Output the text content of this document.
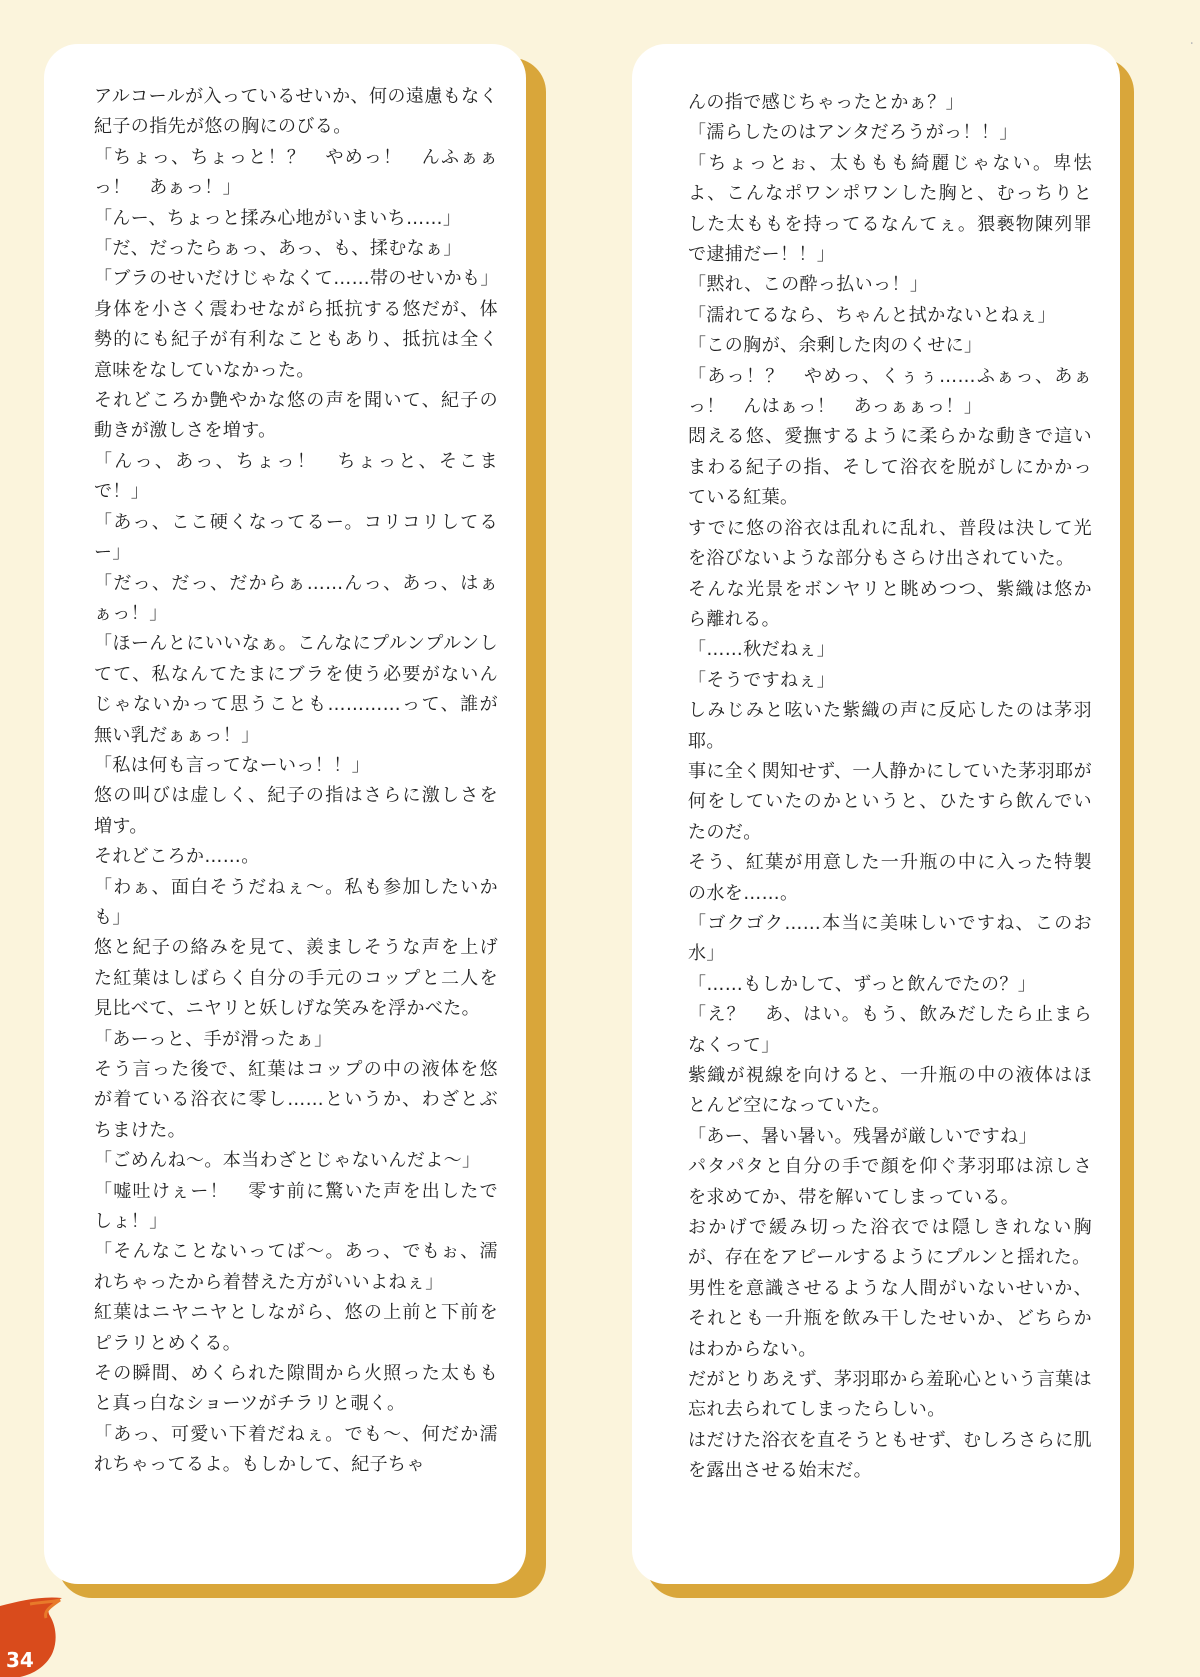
·

アルコールが入っているせいか、何の遠慮もなく紀子の指先が悠の胸にのびる。

「ちょっ、ちょっと！？　やめっ！　んふぁぁっ！　あぁっ！」

「んー、ちょっと揉み心地がいまいち……」

「だ、だったらぁっ、あっ、も、揉むなぁ」

「ブラのせいだけじゃなくて……帯のせいかも」

身体を小さく震わせながら抵抗する悠だが、体勢的にも紀子が有利なこともあり、抵抗は全く意味をなしていなかった。

それどころか艶やかな悠の声を聞いて、紀子の動きが激しさを増す。

「んっ、あっ、ちょっ！　ちょっと、そこまで！」

「あっ、ここ硬くなってるー。コリコリしてるー」

「だっ、だっ、だからぁ……んっ、あっ、はぁぁっ！」

「ほーんとにいいなぁ。こんなにプルンプルンしてて、私なんてたまにブラを使う必要がないんじゃないかって思うことも…………って、誰が無い乳だぁぁっ！」

「私は何も言ってなーいっ！！」

悠の叫びは虚しく、紀子の指はさらに激しさを増す。

それどころか……。

「わぁ、面白そうだねぇ〜。私も参加したいかも」

悠と紀子の絡みを見て、羨ましそうな声を上げた紅葉はしばらく自分の手元のコップと二人を見比べて、ニヤリと妖しげな笑みを浮かべた。

「あーっと、手が滑ったぁ」

そう言った後で、紅葉はコップの中の液体を悠が着ている浴衣に零し……というか、わざとぶちまけた。

「ごめんね〜。本当わざとじゃないんだよ〜」

「嘘吐けぇー！　零す前に驚いた声を出したでしょ！」

「そんなことないってば〜。あっ、でもぉ、濡れちゃったから着替えた方がいいよねぇ」

紅葉はニヤニヤとしながら、悠の上前と下前をピラリとめくる。

その瞬間、めくられた隙間から火照った太ももと真っ白なショーツがチラリと覗く。

「あっ、可愛い下着だねぇ。でも〜、何だか濡れちゃってるよ。もしかして、紀子ちゃ

んの指で感じちゃったとかぁ？」

「濡らしたのはアンタだろうがっ！！」

「ちょっとぉ、太ももも綺麗じゃない。卑怯よ、こんなポワンポワンした胸と、むっちりとした太ももを持ってるなんてぇ。猥褻物陳列罪で逮捕だー！！」

「黙れ、この酔っ払いっ！」

「濡れてるなら、ちゃんと拭かないとねぇ」

「この胸が、余剰した肉のくせに」

「あっ！？　やめっ、くぅぅ……ふぁっ、あぁっ！　んはぁっ！　あっぁぁっ！」

悶える悠、愛撫するように柔らかな動きで這いまわる紀子の指、そして浴衣を脱がしにかかっている紅葉。

すでに悠の浴衣は乱れに乱れ、普段は決して光を浴びないような部分もさらけ出されていた。

そんな光景をボンヤリと眺めつつ、紫織は悠から離れる。

「……秋だねぇ」

「そうですねぇ」

しみじみと呟いた紫織の声に反応したのは茅羽耶。

事に全く関知せず、一人静かにしていた茅羽耶が何をしていたのかというと、ひたすら飲んでいたのだ。

そう、紅葉が用意した一升瓶の中に入った特製の水を……。

「ゴクゴク……本当に美味しいですね、このお水」

「……もしかして、ずっと飲んでたの？」

「え？　あ、はい。もう、飲みだしたら止まらなくって」

紫織が視線を向けると、一升瓶の中の液体はほとんど空になっていた。

「あー、暑い暑い。残暑が厳しいですね」

パタパタと自分の手で顔を仰ぐ茅羽耶は涼しさを求めてか、帯を解いてしまっている。

おかげで緩み切った浴衣では隠しきれない胸が、存在をアピールするようにプルンと揺れた。

男性を意識させるような人間がいないせいか、それとも一升瓶を飲み干したせいか、どちらかはわからない。

だがとりあえず、茅羽耶から羞恥心という言葉は忘れ去られてしまったらしい。

はだけた浴衣を直そうともせず、むしろさらに肌を露出させる始末だ。

34
